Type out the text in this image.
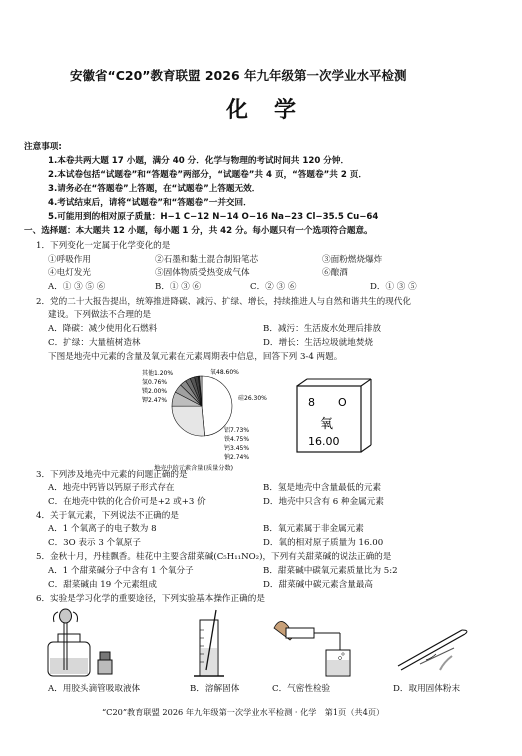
安徽省“C20”教育联盟 2026 年九年级第一次学业水平检测
化学
注意事项:
1.本卷共两大题 17 小题，满分 40 分．化学与物理的考试时间共 120 分钟．
2.本试卷包括“试题卷”和“答题卷”两部分，“试题卷”共 4 页，“答题卷”共 2 页．
3.请务必在“答题卷”上答题，在“试题卷”上答题无效．
4.考试结束后，请将“试题卷”和“答题卷”一并交回．
5.可能用到的相对原子质量：H−1 C−12 N−14 O−16 Na−23 Cl−35.5 Cu−64
一、选择题：本大题共 12 小题，每小题 1 分，共 42 分。每小题只有一个选项符合题意。
1．下列变化一定属于化学变化的是
①呼吸作用	②石墨和黏土混合制铅笔芯	③面粉燃烧爆炸
④电灯发光	⑤固体物质受热变成气体	⑥酿酒
A．① ③ ⑤ ⑥	B．① ③ ⑥	C．② ③ ⑥	D．① ③ ⑤
2．党的二十大报告提出，统筹推进降碳、减污、扩绿、增长，持续推进人与自然和谐共生的现代化
建设。下列做法不合理的是
A．降碳：减少使用化石燃料	B．减污：生活废水处理后排放
C．扩绿：大量植树造林	D．增长：生活垃圾就地焚烧
下图是地壳中元素的含量及氧元素在元素周期表中信息，回答下列 3-4 两题。
氧48.60%
硅26.30%
铝7.73%
铁4.75%
钙3.45%
钠2.74%
钾2.47%
镁2.00%
氢0.76%
其他1.20%
地壳中的元素含量(质量分数)
8 O
氧
16.00
3．下列涉及地壳中元素的问题正确的是
A．地壳中钙皆以钙原子形式存在	B．氢是地壳中含量最低的元素
C．在地壳中铁的化合价可是+2 或+3 价	D．地壳中只含有 6 种金属元素
4．关于氧元素，下列说法不正确的是
A．1 个氧离子的电子数为 8	B．氧元素属于非金属元素
C．3O 表示 3 个氧原子	D．氧的相对原子质量为 16.00
5．金秋十月，丹桂飘香。桂花中主要含甜菜碱(C₅H₁₁NO₂)，下列有关甜菜碱的说法正确的是
A．1 个甜菜碱分子中含有 1 个氧分子	B．甜菜碱中碳氧元素质量比为 5:2
C．甜菜碱由 19 个元素组成	D．甜菜碱中碳元素含量最高
6．实验是学习化学的重要途径，下列实验基本操作正确的是
A．用胶头滴管吸取液体	B．溶解固体	C．气密性检验	D．取用固体粉末
“C20”教育联盟 2026 年九年级第一次学业水平检测 · 化学　第1页（共4页）
